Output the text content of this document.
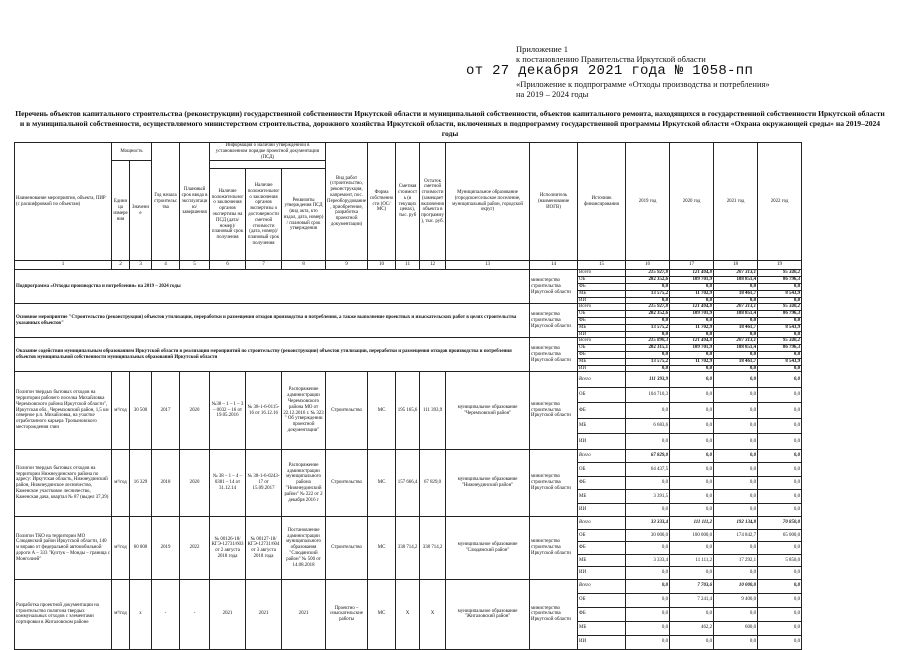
Приложение 1
к постановлению Правительства Иркутской области
от 27 декабря 2021 года № 1058-пп
«Приложение к подпрограмме «Отходы производства и потребления»
на 2019 – 2024 годы
Перечень объектов капитального строительства (реконструкции) государственной собственности Иркутской области и муниципальной собственности, объектов капитального ремонта, находящихся в государственной собственности Иркутской области и в муниципальной собственности, осуществляемого министерством строительства, дорожного хозяйства Иркутской области, включенных в подпрограмму государственной программы Иркутской области «Охрана окружающей среды» на 2019–2024 годы
Наименование мероприятия, объекта, ПИР (с расшифровкой по объектам)	Мощность		Год начала строительства	Плановый срок ввода в эксплуатацию/завершения	Информация о наличии утвержденной в установленном порядке проектной документации (ПСД)			Вид работ (строительство, реконструкция, капремонт, пос. Переоборудование, приобретение, разработка проектной документации)	Форма собственности (ОС/МС)	Сметная стоимость (в текущих ценах), тыс. руб	Остаток сметной стоимости (замещает включения объекта в программу), тыс. руб.	Муниципальное образование (городское/сельское поселение, муниципальный район, городской округ)	Исполнитель (наименование ИОГВ)	Источник финансирования	2019 год	2020 год	2021 год	2022 год	
	Единица измерения	Значение																
					Наличие положительного заключения органов экспертизы на ПСД (дата/номер)/ плановый срок получения	Наличие положительного заключения органов экспертизы о достоверности сметной стоимости (дата, номер)/плановый срок получения	Реквизиты утверждения ПСД (вид акта, кто издал, дата, номер) / плановый срок утверждения												
1	2	3	4	5	6	7	8	9	10	11	12	13	14	15	16	17	18	19	
Подпрограмма «Отходы производства и потребления» на 2019 – 2024 годы													министерство строительства Иркутской области	Всего	215 927,8	121 404,8	207 313,1	95 340,2	
														ОБ	202 352,6	109 701,9	188 851,4	86 796,3	
														ФБ	0,0	0,0	0,0	0,0	
														МБ	13 575,2	11 702,9	18 461,7	8 543,9	
														ИИ	0,0	0,0	0,0	0,0	
Основное мероприятие "Строительство (реконструкция) объектов утилизации, переработки и размещения отходов производства и потребления, а также выполнение проектных и изыскательских работ в целях строительства указанных объектов"													министерство строительства Иркутской области	Всего	215 927,8	121 404,8	207 313,1	95 340,2	
														ОБ	202 352,6	109 701,9	188 851,4	86 796,3	
														ФБ	0,0	0,0	0,0	0,0	
														МБ	13 575,2	11 702,9	18 461,7	8 543,9	
														ИИ	0,0	0,0	0,0	0,0	
Оказание содействия муниципальным образованиям Иркутской области в реализации мероприятий по строительству (реконструкции) объектов утилизации, переработки и размещения отходов производства и потребления объектов муниципальной собственности муниципальных образований Иркутской области													министерство строительства Иркутской области	Всего	215 890,3	121 404,8	207 313,1	95 340,2	
														ОБ	202 315,1	109 701,9	188 851,4	86 796,3	
														ФБ	0,0	0,0	0,0	0,0	
														МБ	13 575,2	11 702,9	18 461,7	8 543,9	
														ИИ	0,0	0,0	0,0	0,0	
Полигон твердых бытовых отходов на территории рабочего поселка Михайловка Черемховского района Иркутской области", Иркутская обл., Черемховский район, 1,5 км северное р.п. Михайловка, на участке отработанного карьера Тропыновского месторождения глин	м³/год	30 500	2017	2020	№38 – 1 – 1 – 3 – 0032 – 16 от 19.05.2016	№ 38-1-6-0115-16 от 16.12.16	Распоряжение администрации Черемховского района МО от 22.12.2016 г. № 323 " Об утверждении проектной документации"	Строительство	МС	195 165,6	111 393,9	муниципальное образование "Черемховский район"	министерство строительства Иркутской области	Всего	111 393,9	0,0	0,0	0,0	
														ОБ	104 710,3	0,0	0,0	0,0	
														ФБ	0,0	0,0	0,0	0,0	
														МБ	6 683,6	0,0	0,0	0,0	
														ИИ	0,0	0,0	0,0	0,0	
Полигон твердых бытовых отходов на территории Нижнеудинского района по адресу: Иркутская область, Нижнеудинский район, Нижнеудинское лесничество, Каменское участковое лесничество, Каменская дача, квартал № 87 (выдел 37,39)	м³/год	16 329	2018	2020	№ 38 – 1 – 4 – 0381 – 14 от 31.12.14	№ 38-1-6-0243-17 от 15.09.2017	Распоряжение администрации муниципального района "Нижнеудинский район" № 222 от 2 декабря 2016 г	Строительство	МС	157 666,4	67 829,0	муниципальное образование "Нижнеудинский район"	министерство строительства Иркутской области	Всего	67 829,0	0,0	0,0	0,0	
														ОБ	64 437,5	0,0	0,0	0,0	
														ФБ	0,0	0,0	0,0	0,0	
														МБ	3 391,5	0,0	0,0	0,0	
														ИИ	0,0	0,0	0,0	0,0	
Полигон ТКО на территории МО Слюдянский район Иркутской области, 140 м вправо от федеральной автомобильной дороги А – 333 "Култук – Монды – граница с Монголией"	м³/год	60 000	2019	2022	№ 00126-18/КГЭ-12731/603 от 2 августа 2018 года	№ 00127-18/КГЭ-12731/604 от 3 августа 2018 года	Постановление администрации муниципального образования "Слюдянский район" № 500 от 14.08.2018	Строительство	МС	338 714,2	338 714,2	муниципальное образование "Слюдянский район"	министерство строительства Иркутской области	Всего	33 333,4	111 111,2	192 134,8	70 850,0	
														ОБ	30 000,0	100 000,0	174 842,7	65 000,0	
														ФБ	0,0	0,0	0,0	0,0	
														МБ	3 333,4	11 111,2	17 292,1	5 850,0	
														ИИ	0,0	0,0	0,0	0,0	
Разработка проектной документации на строительство полигона твердых коммунальных отходов с элементами сортировки в Жигаловском районе	м³/год	х	-	-	2021	2021	2021	Проектно – изыскательские работы	МС	Х	Х	муниципальное образование "Жигаловский район"	министерство строительства Иркутской области	Всего	0,0	7 703,6	10 000,0	0,0	
														ОБ	0,0	7 241,4	9 400,0	0,0	
														ФБ	0,0	0,0	0,0	0,0	
														МБ	0,0	462,2	600,0	0,0	
														ИИ	0,0	0,0	0,0	0,0	
